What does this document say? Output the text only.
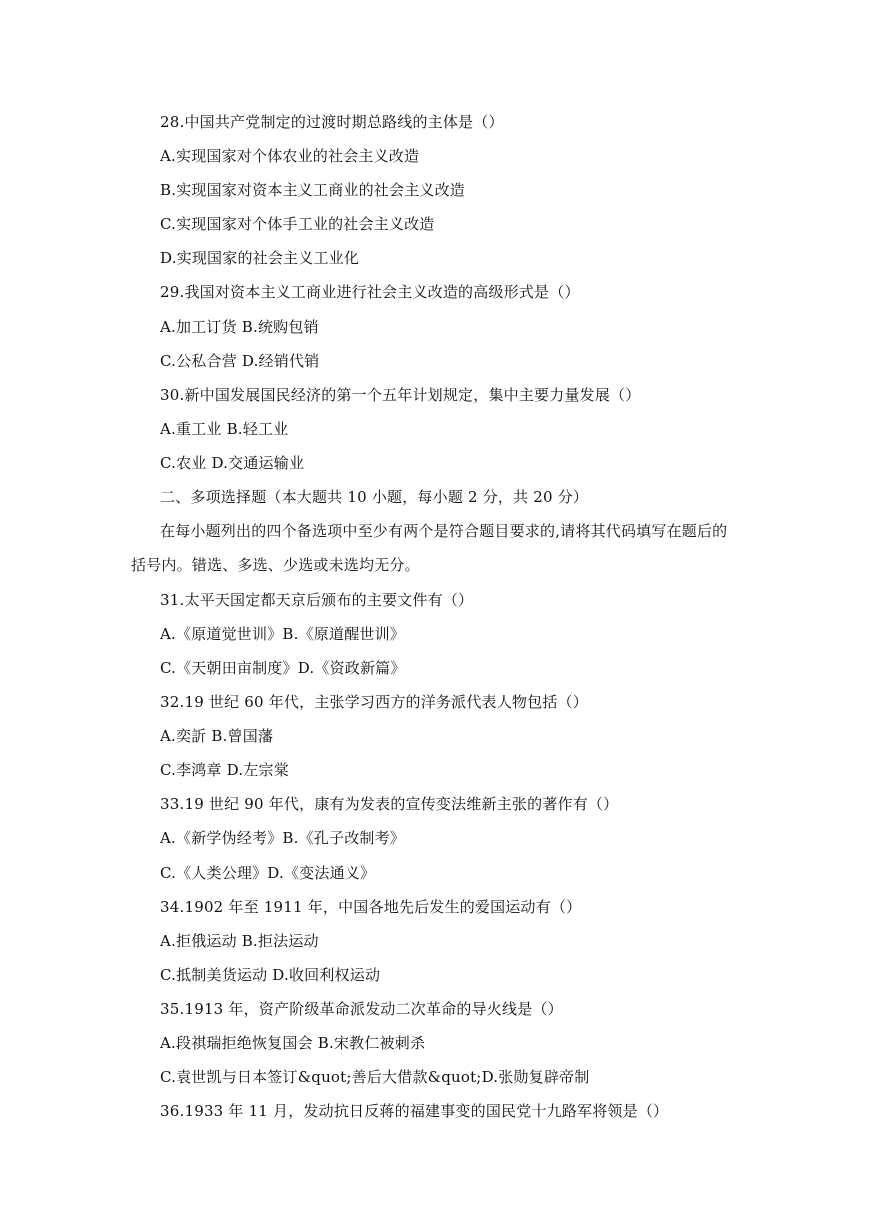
28.中国共产党制定的过渡时期总路线的主体是（）
A.实现国家对个体农业的社会主义改造
B.实现国家对资本主义工商业的社会主义改造
C.实现国家对个体手工业的社会主义改造
D.实现国家的社会主义工业化
29.我国对资本主义工商业进行社会主义改造的高级形式是（）
A.加工订货 B.统购包销
C.公私合营 D.经销代销
30.新中国发展国民经济的第一个五年计划规定，集中主要力量发展（）
A.重工业 B.轻工业
C.农业 D.交通运输业
二、多项选择题（本大题共 10 小题，每小题 2 分，共 20 分）
在每小题列出的四个备选项中至少有两个是符合题目要求的,请将其代码填写在题后的
括号内。错选、多选、少选或未选均无分。
31.太平天国定都天京后颁布的主要文件有（）
A.《原道觉世训》B.《原道醒世训》
C.《天朝田亩制度》D.《资政新篇》
32.19 世纪 60 年代，主张学习西方的洋务派代表人物包括（）
A.奕訢 B.曾国藩
C.李鸿章 D.左宗棠
33.19 世纪 90 年代，康有为发表的宣传变法维新主张的著作有（）
A.《新学伪经考》B.《孔子改制考》
C.《人类公理》D.《变法通义》
34.1902 年至 1911 年，中国各地先后发生的爱国运动有（）
A.拒俄运动 B.拒法运动
C.抵制美货运动 D.收回利权运动
35.1913 年，资产阶级革命派发动二次革命的导火线是（）
A.段祺瑞拒绝恢复国会 B.宋教仁被刺杀
C.袁世凯与日本签订&quot;善后大借款&quot;D.张勋复辟帝制
36.1933 年 11 月，发动抗日反蒋的福建事变的国民党十九路军将领是（）
